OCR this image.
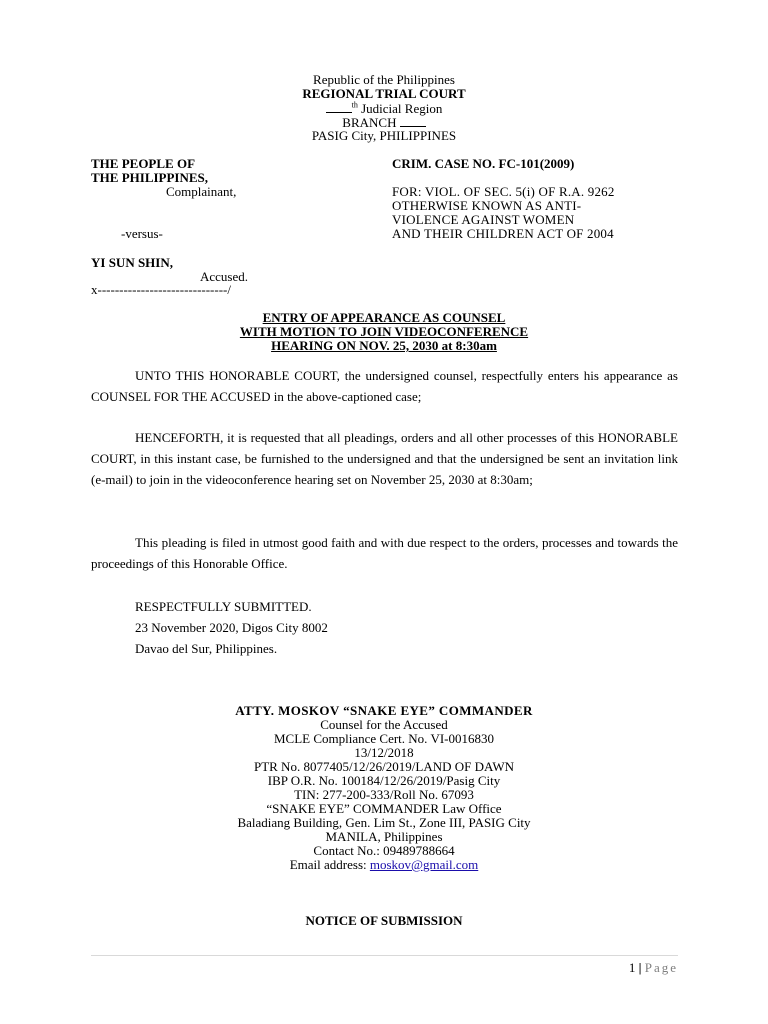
Republic of the Philippines
REGIONAL TRIAL COURT
$^{th}$ Judicial Region
BRANCH
PASIG City, PHILIPPINES
THE PEOPLE OF
THE PHILIPPINES,
Complainant,
-versus-
YI SUN SHIN,
Accused.
x------------------------------/
CRIM. CASE NO. FC-101(2009)
FOR: VIOL. OF SEC. 5(i) OF R.A. 9262
OTHERWISE KNOWN AS ANTI-
VIOLENCE AGAINST WOMEN
AND THEIR CHILDREN ACT OF 2004
ENTRY OF APPEARANCE AS COUNSEL
WITH MOTION TO JOIN VIDEOCONFERENCE
HEARING ON NOV. 25, 2030 at 8:30am
UNTO THIS HONORABLE COURT, the undersigned counsel, respectfully enters his appearance as COUNSEL FOR THE ACCUSED in the above-captioned case;
HENCEFORTH, it is requested that all pleadings, orders and all other processes of this HONORABLE COURT, in this instant case, be furnished to the undersigned and that the undersigned be sent an invitation link (e-mail) to join in the videoconference hearing set on November 25, 2030 at 8:30am;
This pleading is filed in utmost good faith and with due respect to the orders, processes and towards the proceedings of this Honorable Office.
RESPECTFULLY SUBMITTED.
23 November 2020, Digos City 8002
Davao del Sur, Philippines.
ATTY. MOSKOV “SNAKE EYE” COMMANDER
Counsel for the Accused
MCLE Compliance Cert. No. VI-0016830
13/12/2018
PTR No. 8077405/12/26/2019/LAND OF DAWN
IBP O.R. No. 100184/12/26/2019/Pasig City
TIN: 277-200-333/Roll No. 67093
“SNAKE EYE” COMMANDER Law Office
Baladiang Building, Gen. Lim St., Zone III, PASIG City
MANILA, Philippines
Contact No.: 09489788664
Email address: moskov@gmail.com
NOTICE OF SUBMISSION
1 | Page
